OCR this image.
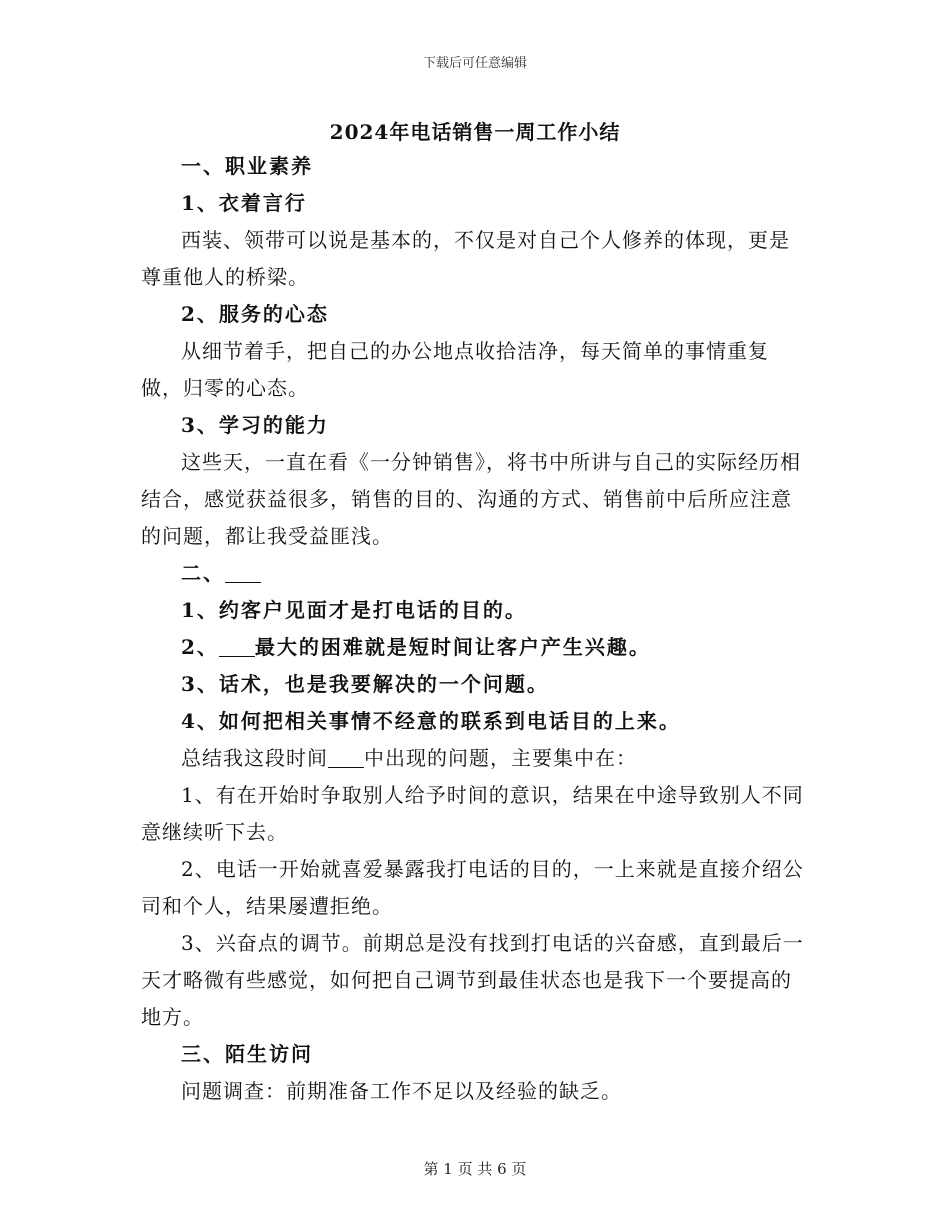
下载后可任意编辑
2024年电话销售一周工作小结

一、职业素养

1、衣着言行

西装、领带可以说是基本的，不仅是对自己个人修养的体现，更是尊重他人的桥梁。

2、服务的心态

从细节着手，把自己的办公地点收拾洁净，每天简单的事情重复做，归零的心态。

3、学习的能力

这些天，一直在看《一分钟销售》，将书中所讲与自己的实际经历相结合，感觉获益很多，销售的目的、沟通的方式、销售前中后所应注意的问题，都让我受益匪浅。

二、

1、约客户见面才是打电话的目的。

2、 最大的困难就是短时间让客户产生兴趣。

3、话术，也是我要解决的一个问题。

4、如何把相关事情不经意的联系到电话目的上来。

总结我这段时间 中出现的问题，主要集中在：

1、有在开始时争取别人给予时间的意识，结果在中途导致别人不同意继续听下去。

2、电话一开始就喜爱暴露我打电话的目的，一上来就是直接介绍公司和个人，结果屡遭拒绝。

3、兴奋点的调节。前期总是没有找到打电话的兴奋感，直到最后一天才略微有些感觉，如何把自己调节到最佳状态也是我下一个要提高的地方。

三、陌生访问

问题调查：前期准备工作不足以及经验的缺乏。

第 1 页 共 6 页
